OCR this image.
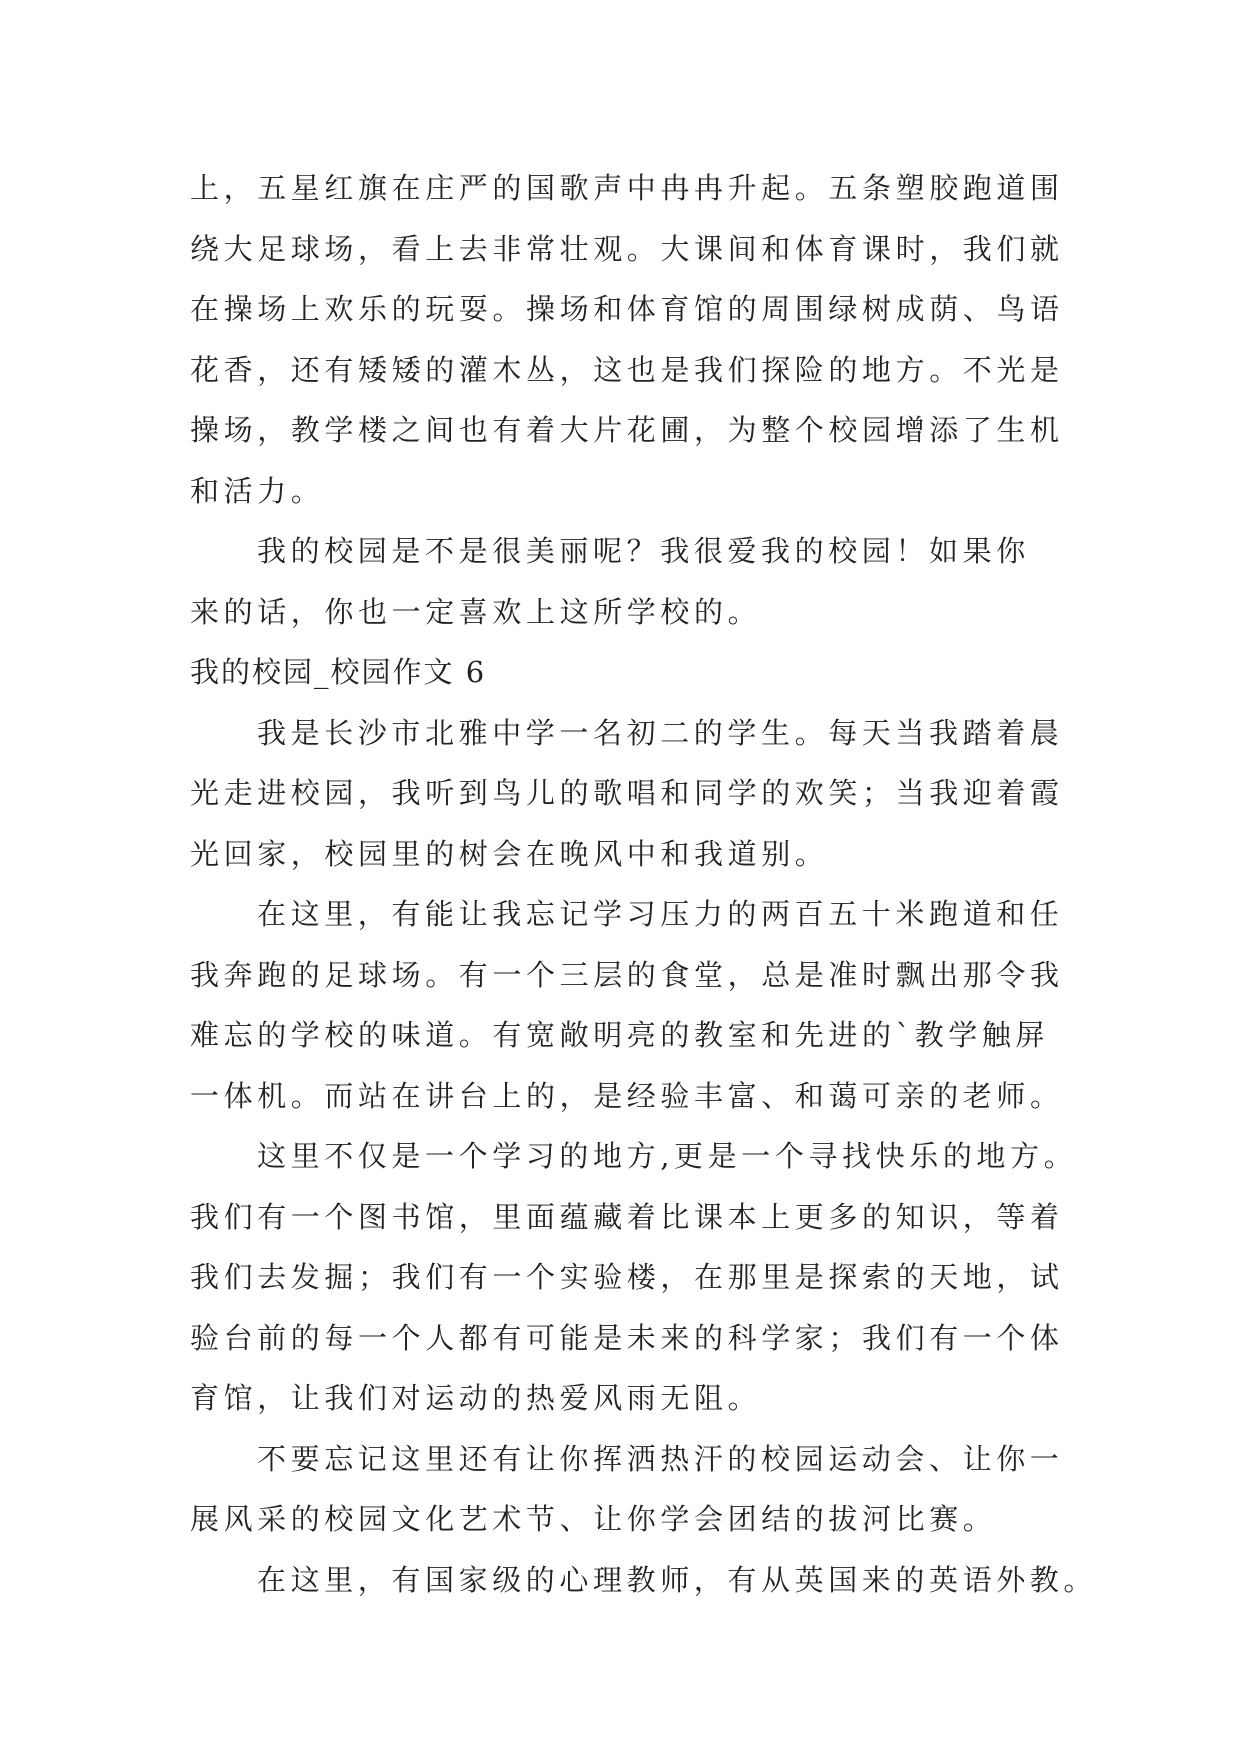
上，五星红旗在庄严的国歌声中冉冉升起。五条塑胶跑道围
绕大足球场，看上去非常壮观。大课间和体育课时，我们就
在操场上欢乐的玩耍。操场和体育馆的周围绿树成荫、鸟语
花香，还有矮矮的灌木丛，这也是我们探险的地方。不光是
操场，教学楼之间也有着大片花圃，为整个校园增添了生机
和活力。
我的校园是不是很美丽呢？我很爱我的校园！如果你
来的话，你也一定喜欢上这所学校的。
我的校园_校园作文 6
我是长沙市北雅中学一名初二的学生。每天当我踏着晨
光走进校园，我听到鸟儿的歌唱和同学的欢笑；当我迎着霞
光回家，校园里的树会在晚风中和我道别。
在这里，有能让我忘记学习压力的两百五十米跑道和任
我奔跑的足球场。有一个三层的食堂，总是准时飘出那令我
难忘的学校的味道。有宽敞明亮的教室和先进的`教学触屏
一体机。而站在讲台上的，是经验丰富、和蔼可亲的老师。
这里不仅是一个学习的地方,更是一个寻找快乐的地方。
我们有一个图书馆，里面蕴藏着比课本上更多的知识，等着
我们去发掘；我们有一个实验楼，在那里是探索的天地，试
验台前的每一个人都有可能是未来的科学家；我们有一个体
育馆，让我们对运动的热爱风雨无阻。
不要忘记这里还有让你挥洒热汗的校园运动会、让你一
展风采的校园文化艺术节、让你学会团结的拔河比赛。
在这里，有国家级的心理教师，有从英国来的英语外教。
